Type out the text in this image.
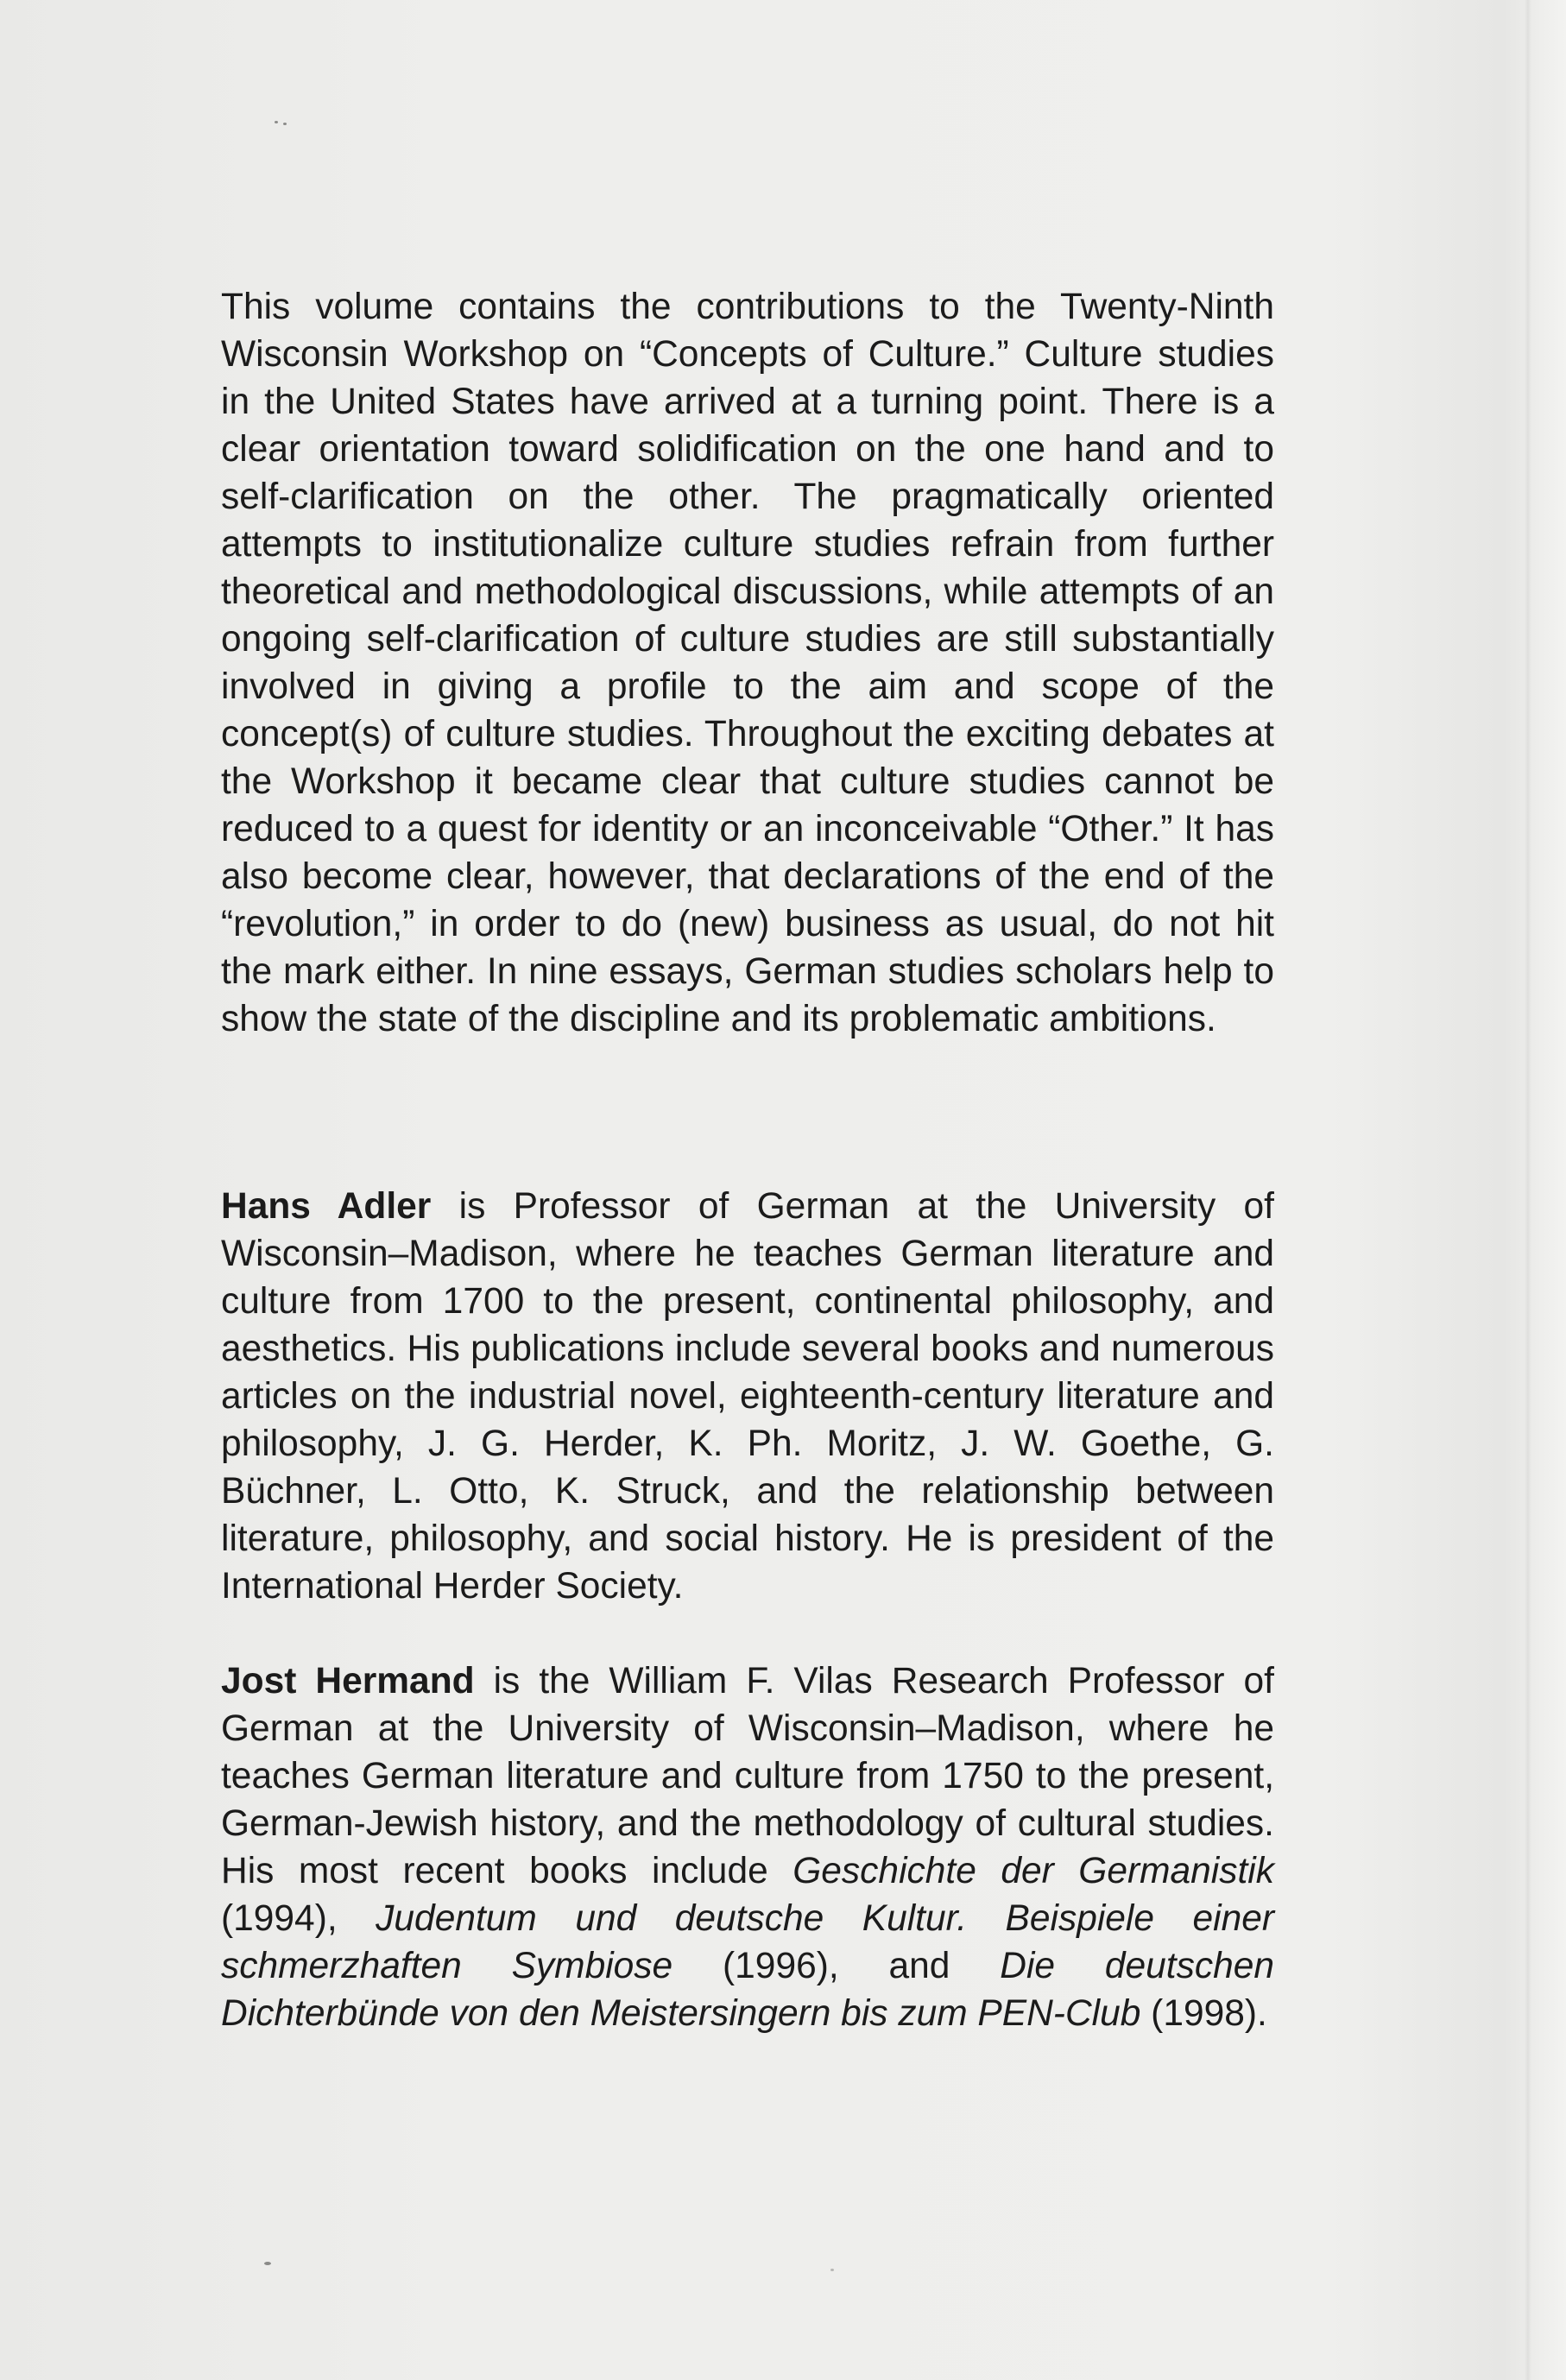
This volume contains the contributions to the Twenty-Ninth Wisconsin Workshop on “Concepts of Culture.” Culture studies in the United States have arrived at a turning point. There is a clear orientation toward solidification on the one hand and to self-clarification on the other. The pragmatically oriented attempts to institutionalize culture studies refrain from further theoretical and methodological discussions, while attempts of an ongoing self-clarification of culture studies are still substantially involved in giving a profile to the aim and scope of the concept(s) of culture studies. Throughout the exciting debates at the Workshop it became clear that culture studies cannot be reduced to a quest for identity or an inconceivable “Other.” It has also become clear, however, that declarations of the end of the “revolution,” in order to do (new) business as usual, do not hit the mark either. In nine essays, German studies scholars help to show the state of the discipline and its problematic ambitions.

Hans Adler is Professor of German at the University of Wisconsin–Madison, where he teaches German literature and culture from 1700 to the present, continental philosophy, and aesthetics. His publications include several books and numerous articles on the industrial novel, eighteenth-century literature and philosophy, J. G. Herder, K. Ph. Moritz, J. W. Goethe, G. Büchner, L. Otto, K. Struck, and the relationship between literature, philosophy, and social history. He is president of the International Herder Society.

Jost Hermand is the William F. Vilas Research Professor of German at the University of Wisconsin–Madison, where he teaches German literature and culture from 1750 to the present, German-Jewish history, and the methodology of cultural studies. His most recent books include Geschichte der Germanistik (1994), Judentum und deutsche Kultur. Beispiele einer schmerzhaften Symbiose (1996), and Die deutschen Dichterbünde von den Meistersingern bis zum PEN-Club (1998).
